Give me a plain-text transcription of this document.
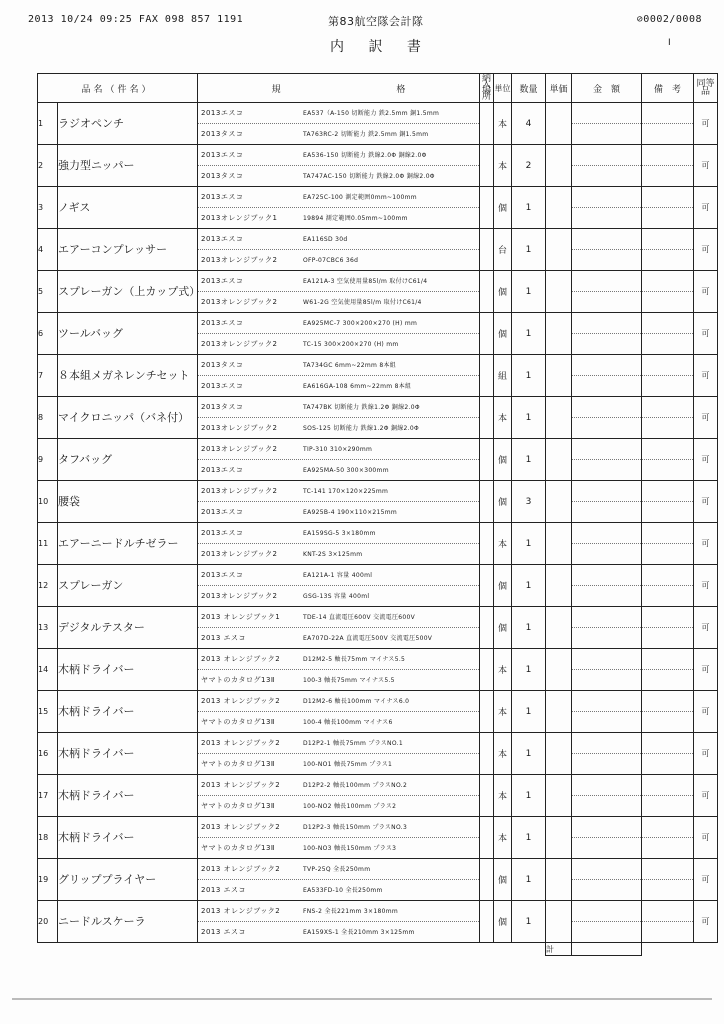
2013 10/24 09:25 FAX 098 857 1191	第83航空隊会計隊	⊘0002/0008
内 訳 書	I
品名（件名）		規 格	納入
場所	単位	数量	単価	金　額	備　考	同等品
1	ラジオペンチ	2013エスコ EA537（A-150 切断能力 鉄2.5mm 銅1.5mm
2013タスコ TA763RC-2 切断能力 鉄2.5mm 銅1.5mm		本	4				可
2	強力型ニッパー	2013エスコ EA536-150 切断能力 鉄線2.0Φ 銅線2.0Φ
2013タスコ TA747AC-150 切断能力 鉄線2.0Φ 銅線2.0Φ		本	2				可
3	ノギス	2013エスコ EA725C-100 測定範囲0mm~100mm
2013オレンジブック1 19894 測定範囲0.05mm~100mm		個	1				可
4	エアーコンプレッサー	2013エスコ EA116SD 30d
2013オレンジブック2 OFP-07CBC6 36d		台	1				可
5	スプレーガン（上カップ式）	2013エスコ EA121A-3 空気使用量85l/m 取付けC61/4
2013オレンジブック2 W61-2G 空気使用量85l/m 取付けC61/4		個	1				可
6	ツールバッグ	2013エスコ EA925MC-7 300×200×270 (H) mm
2013オレンジブック2 TC-15 300×200×270 (H) mm		個	1				可
7	８本組メガネレンチセット	2013タスコ TA734GC 6mm~22mm 8本組
2013エスコ EA616GA-108 6mm~22mm 8本組		組	1				可
8	マイクロニッパ（バネ付）	2013タスコ TA747BK 切断能力 鉄線1.2Φ 銅線2.0Φ
2013オレンジブック2 SOS-125 切断能力 鉄線1.2Φ 銅線2.0Φ		本	1				可
9	タフバッグ	2013オレンジブック2 TIP-310 310×290mm
2013エスコ EA925MA-50 300×300mm		個	1				可
10	腰袋	2013オレンジブック2 TC-141 170×120×225mm
2013エスコ EA925B-4 190×110×215mm		個	3				可
11	エアーニードルチゼラー	2013エスコ EA159SG-5 3×180mm
2013オレンジブック2 KNT-2S 3×125mm		本	1				可
12	スプレーガン	2013エスコ EA121A-1 容量 400ml
2013オレンジブック2 GSG-13S 容量 400ml		個	1				可
13	デジタルテスター	2013 オレンジブック1 TDE-14 直流電圧600V 交流電圧600V
2013 エスコ EA707D-22A 直流電圧500V 交流電圧500V		個	1				可
14	木柄ドライバー	2013 オレンジブック2 D12M2-5 軸長75mm マイナス5.5
ヤマトのカタログ13Ⅱ 100-3 軸長75mm マイナス5.5		本	1				可
15	木柄ドライバー	2013 オレンジブック2 D12M2-6 軸長100mm マイナス6.0
ヤマトのカタログ13Ⅱ 100-4 軸長100mm マイナス6		本	1				可
16	木柄ドライバー	2013 オレンジブック2 D12P2-1 軸長75mm プラスNO.1
ヤマトのカタログ13Ⅱ 100-NO1 軸長75mm プラス1		本	1				可
17	木柄ドライバー	2013 オレンジブック2 D12P2-2 軸長100mm プラスNO.2
ヤマトのカタログ13Ⅱ 100-NO2 軸長100mm プラス2		本	1				可
18	木柄ドライバー	2013 オレンジブック2 D12P2-3 軸長150mm プラスNO.3
ヤマトのカタログ13Ⅱ 100-NO3 軸長150mm プラス3		本	1				可
19	グリッププライヤー	2013 オレンジブック2 TVP-25Q 全長250mm
2013 エスコ EA533FD-10 全長250mm		個	1				可
20	ニードルスケーラ	2013 オレンジブック2 FNS-2 全長221mm 3×180mm
2013 エスコ EA159XS-1 全長210mm 3×125mm		個	1				可
						計			
